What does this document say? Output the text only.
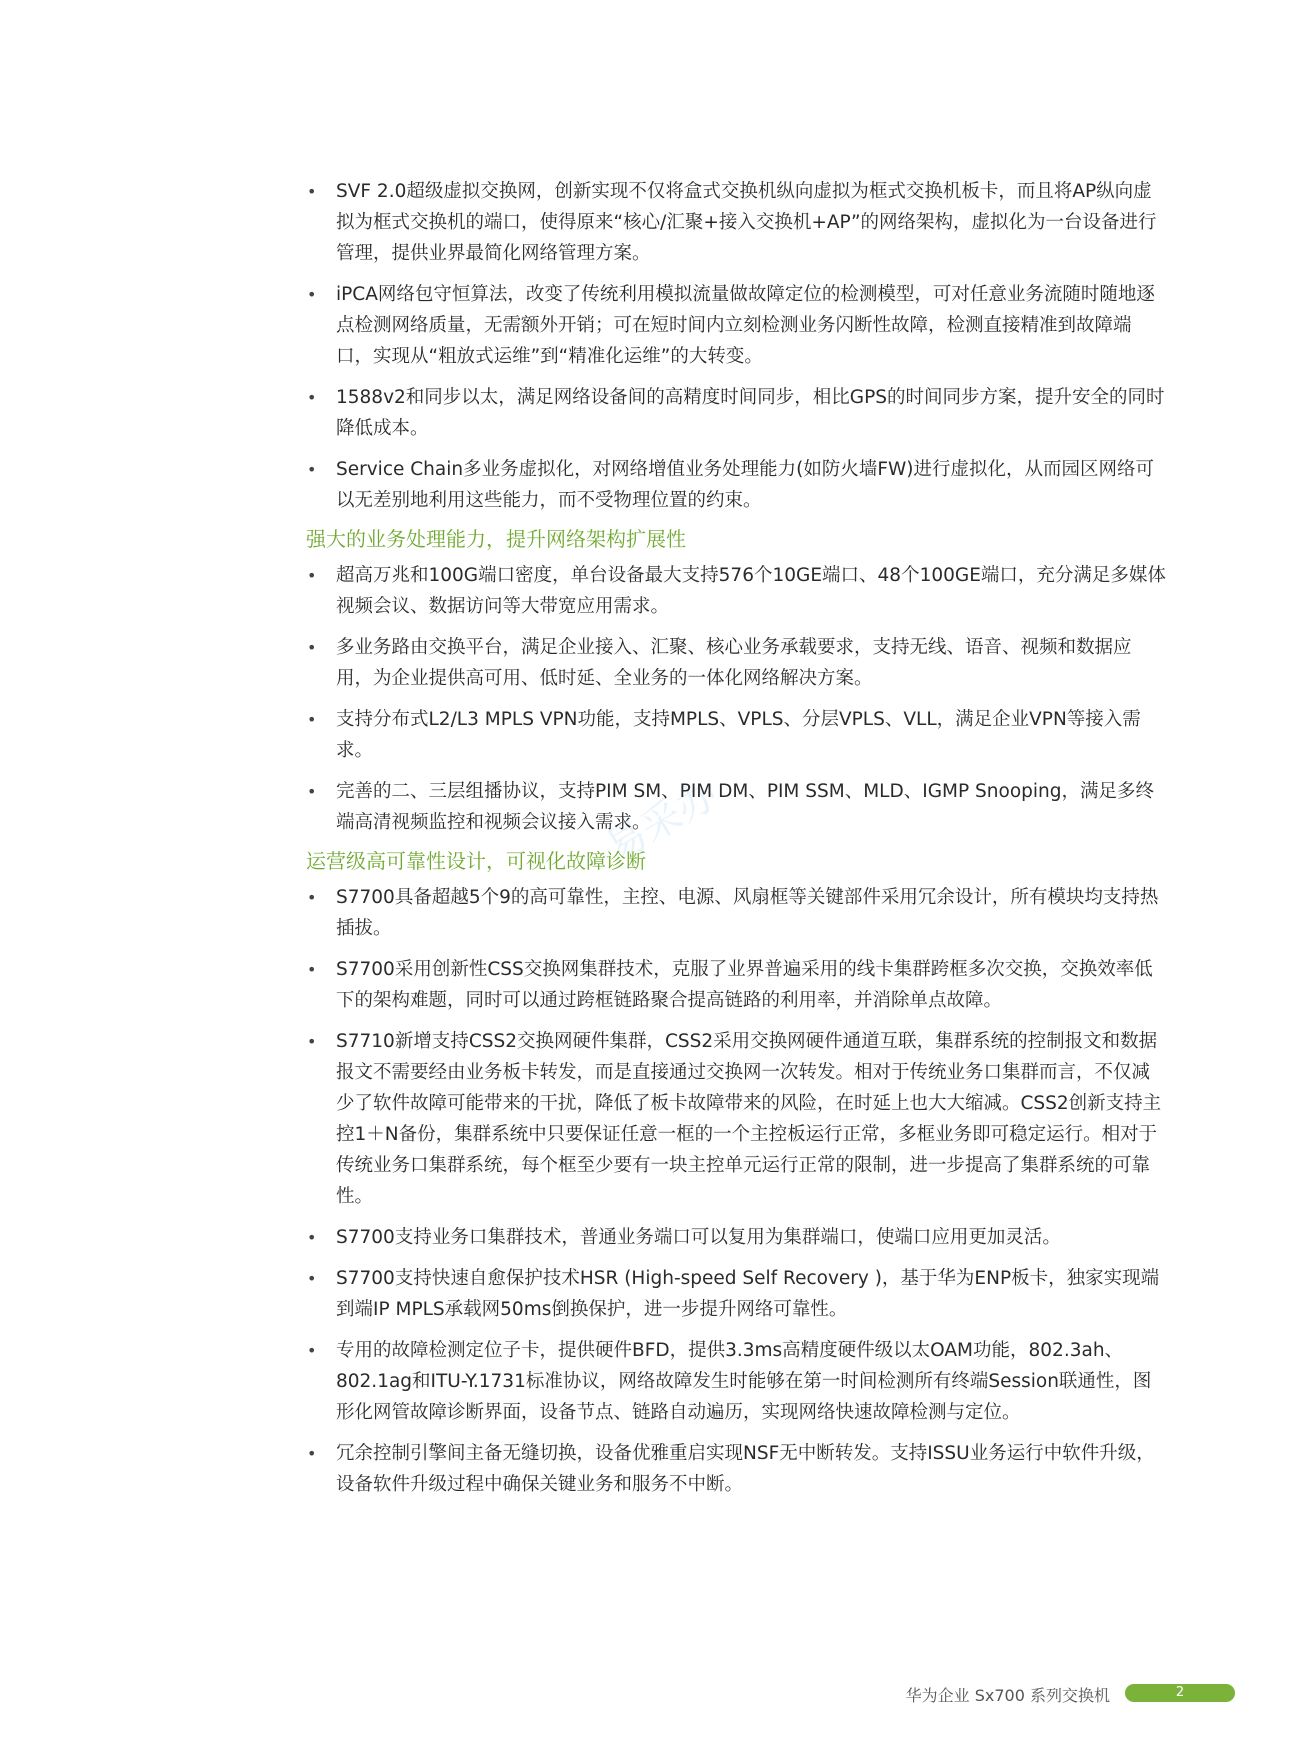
易采办
• SVF 2.0超级虚拟交换网，创新实现不仅将盒式交换机纵向虚拟为框式交换机板卡，而且将AP纵向虚拟为框式交换机的端口，使得原来“核心/汇聚+接入交换机+AP”的网络架构，虚拟化为一台设备进行管理，提供业界最简化网络管理方案。
• iPCA网络包守恒算法，改变了传统利用模拟流量做故障定位的检测模型，可对任意业务流随时随地逐点检测网络质量，无需额外开销；可在短时间内立刻检测业务闪断性故障，检测直接精准到故障端口，实现从“粗放式运维”到“精准化运维”的大转变。
• 1588v2和同步以太，满足网络设备间的高精度时间同步，相比GPS的时间同步方案，提升安全的同时降低成本。
• Service Chain多业务虚拟化，对网络增值业务处理能力(如防火墙FW)进行虚拟化，从而园区网络可以无差别地利用这些能力，而不受物理位置的约束。
强大的业务处理能力，提升网络架构扩展性
• 超高万兆和100G端口密度，单台设备最大支持576个10GE端口、48个100GE端口，充分满足多媒体视频会议、数据访问等大带宽应用需求。
• 多业务路由交换平台，满足企业接入、汇聚、核心业务承载要求，支持无线、语音、视频和数据应用，为企业提供高可用、低时延、全业务的一体化网络解决方案。
• 支持分布式L2/L3 MPLS VPN功能，支持MPLS、VPLS、分层VPLS、VLL，满足企业VPN等接入需求。
• 完善的二、三层组播协议，支持PIM SM、PIM DM、PIM SSM、MLD、IGMP Snooping，满足多终端高清视频监控和视频会议接入需求。
运营级高可靠性设计，可视化故障诊断
• S7700具备超越5个9的高可靠性，主控、电源、风扇框等关键部件采用冗余设计，所有模块均支持热插拔。
• S7700采用创新性CSS交换网集群技术，克服了业界普遍采用的线卡集群跨框多次交换，交换效率低下的架构难题，同时可以通过跨框链路聚合提高链路的利用率，并消除单点故障。
• S7710新增支持CSS2交换网硬件集群，CSS2采用交换网硬件通道互联，集群系统的控制报文和数据报文不需要经由业务板卡转发，而是直接通过交换网一次转发。相对于传统业务口集群而言，不仅减少了软件故障可能带来的干扰，降低了板卡故障带来的风险，在时延上也大大缩减。CSS2创新支持主控1＋N备份，集群系统中只要保证任意一框的一个主控板运行正常，多框业务即可稳定运行。相对于传统业务口集群系统，每个框至少要有一块主控单元运行正常的限制，进一步提高了集群系统的可靠性。
• S7700支持业务口集群技术，普通业务端口可以复用为集群端口，使端口应用更加灵活。
• S7700支持快速自愈保护技术HSR (High-speed Self Recovery )，基于华为ENP板卡，独家实现端到端IP MPLS承载网50ms倒换保护，进一步提升网络可靠性。
• 专用的故障检测定位子卡，提供硬件BFD，提供3.3ms高精度硬件级以太OAM功能，802.3ah、802.1ag和ITU-Y.1731标准协议，网络故障发生时能够在第一时间检测所有终端Session联通性，图形化网管故障诊断界面，设备节点、链路自动遍历，实现网络快速故障检测与定位。
• 冗余控制引擎间主备无缝切换，设备优雅重启实现NSF无中断转发。支持ISSU业务运行中软件升级，设备软件升级过程中确保关键业务和服务不中断。
华为企业 Sx700 系列交换机	2
